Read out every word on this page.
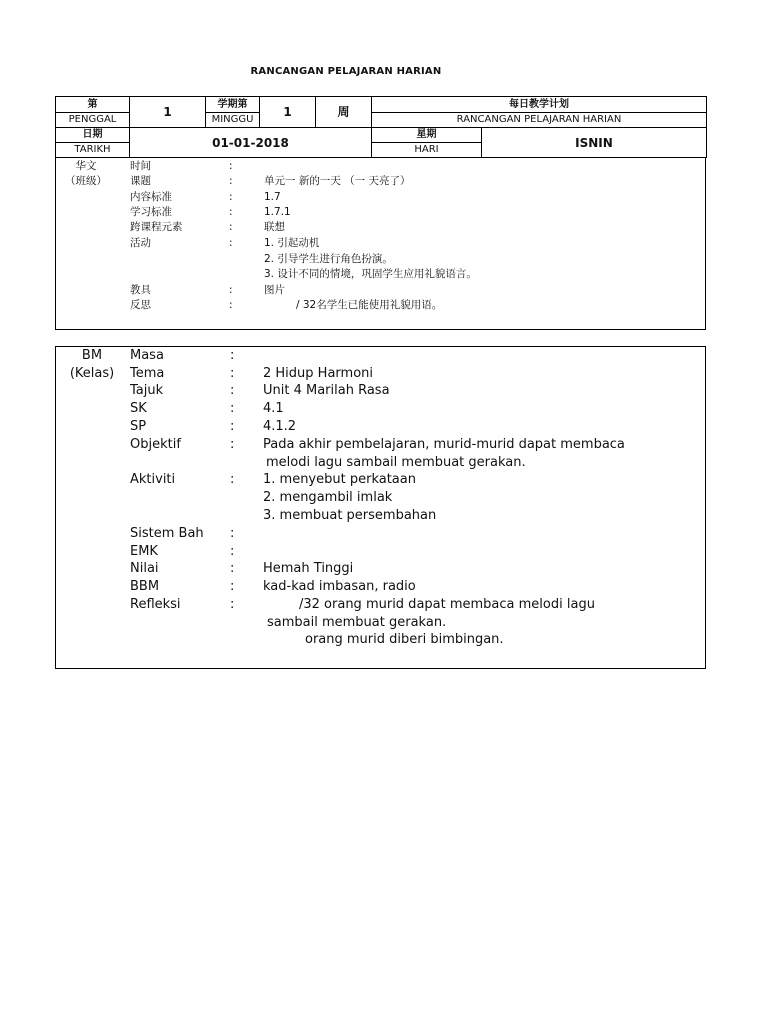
RANCANGAN PELAJARAN HARIAN
第	1	学期第	1	周	每日教学计划	
PENGGAL		MINGGU			RANCANGAN PELAJARAN HARIAN	
日期	01-01-2018				星期	ISNIN
TARIKH					HARI	
华文
（班级）
时间	:
课题	:	单元一 新的一天 （一 天亮了）
内容标准	:	1.7
学习标准	:	1.7.1
跨课程元素	:	联想
活动	:	1. 引起动机
2. 引导学生进行角色扮演。
3. 设计不同的情境，巩固学生应用礼貌语言。
教具	:	图片
反思	:	/ 32名学生已能使用礼貌用语。
BM
(Kelas)
Masa	:
Tema	: 2 Hidup Harmoni
Tajuk	: Unit 4 Marilah Rasa
SK	: 4.1
SP	: 4.1.2
Objektif	: Pada akhir pembelajaran, murid-murid dapat membaca
melodi lagu sambail membuat gerakan.
Aktiviti	: 1. menyebut perkataan
2. mengambil imlak
3. membuat persembahan
Sistem Bah :
EMK	:
Nilai	: Hemah Tinggi
BBM	: kad-kad imbasan, radio
Refleksi	:	/32 orang murid dapat membaca melodi lagu
sambail membuat gerakan.
orang murid diberi bimbingan.
